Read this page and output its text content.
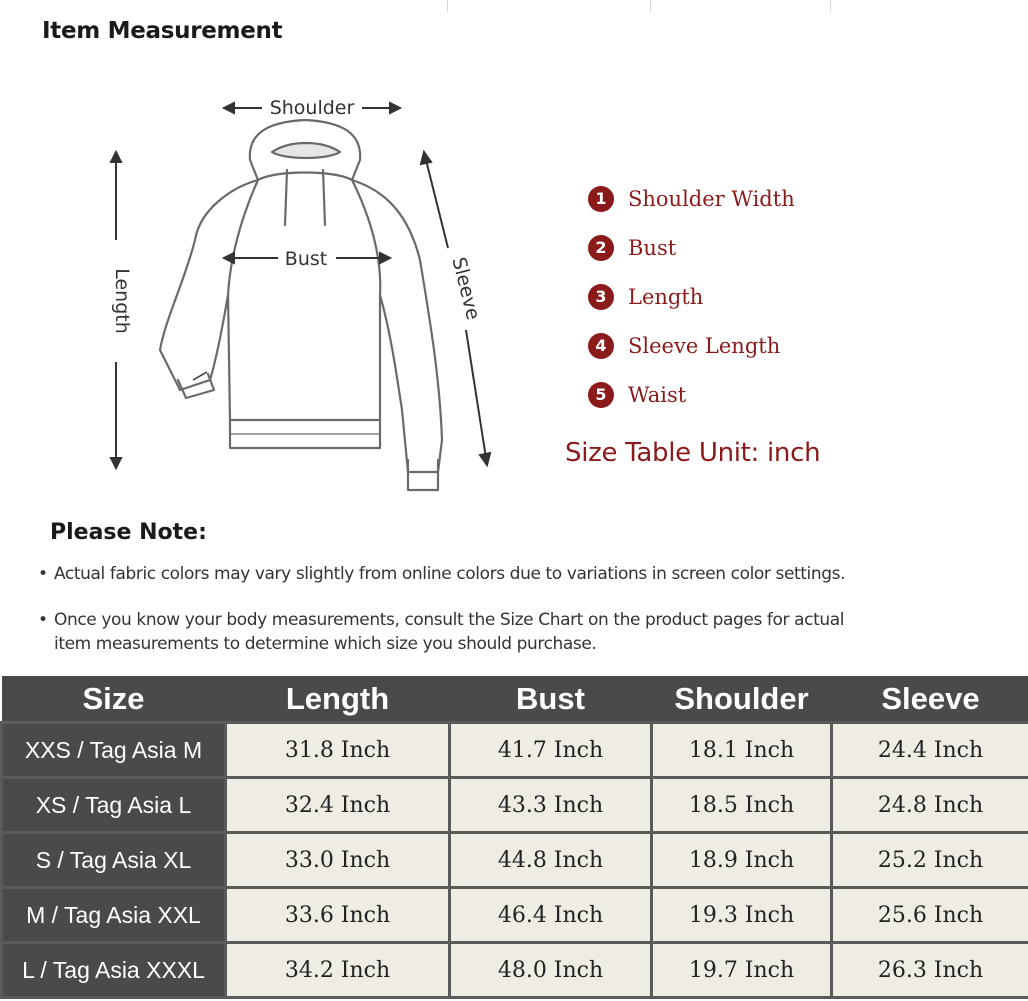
Item Measurement
Shoulder
Bust
Length	Sleeve
1	Shoulder Width
2	Bust
3	Length
4	Sleeve Length
5	Waist
Size Table Unit: inch
Please Note:
• Actual fabric colors may vary slightly from online colors due to variations in screen color settings.
• Once you know your body measurements, consult the Size Chart on the product pages for actual item measurements to determine which size you should purchase.
Size	Length	Bust	Shoulder	Sleeve
XXS / Tag Asia M	31.8 Inch	41.7 Inch	18.1 Inch	24.4 Inch
XS / Tag Asia L	32.4 Inch	43.3 Inch	18.5 Inch	24.8 Inch
S / Tag Asia XL	33.0 Inch	44.8 Inch	18.9 Inch	25.2 Inch
M / Tag Asia XXL	33.6 Inch	46.4 Inch	19.3 Inch	25.6 Inch
L / Tag Asia XXXL	34.2 Inch	48.0 Inch	19.7 Inch	26.3 Inch
